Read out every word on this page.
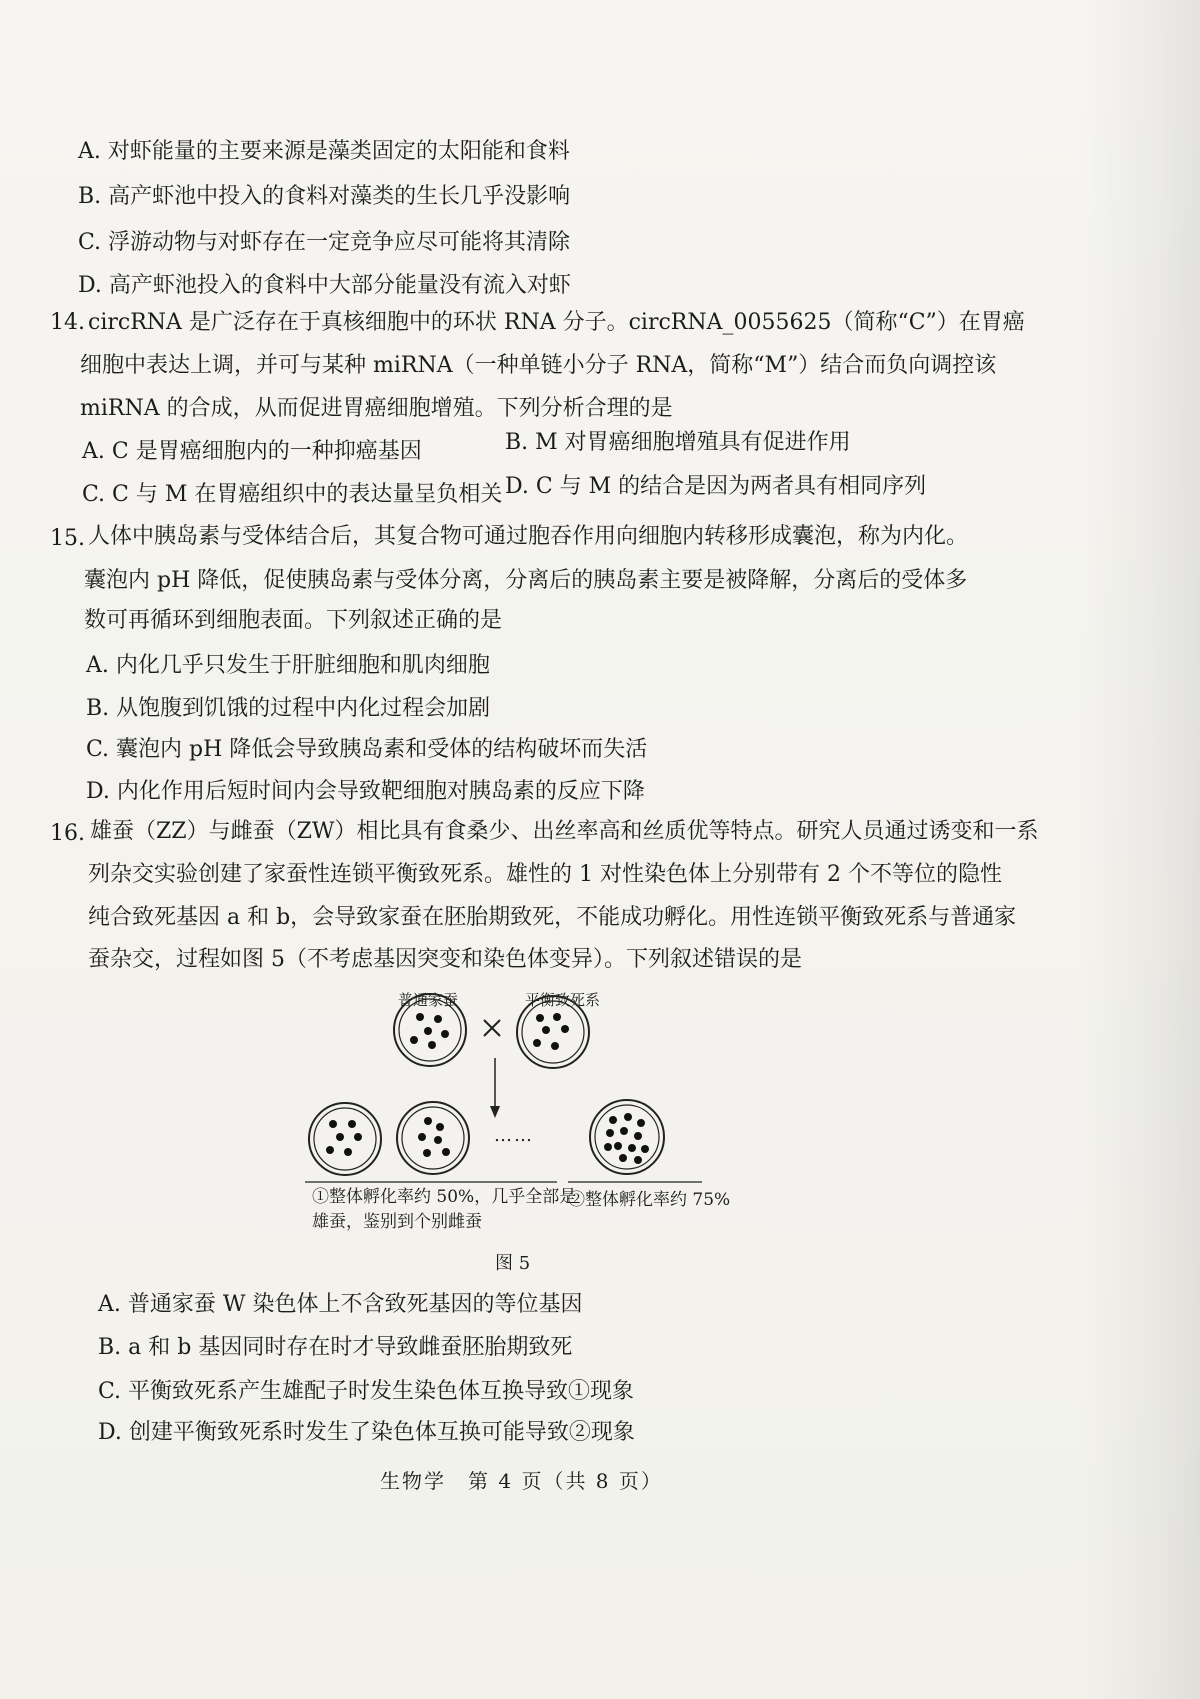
A. 对虾能量的主要来源是藻类固定的太阳能和食料
B. 高产虾池中投入的食料对藻类的生长几乎没影响
C. 浮游动物与对虾存在一定竞争应尽可能将其清除
D. 高产虾池投入的食料中大部分能量没有流入对虾
14. circRNA 是广泛存在于真核细胞中的环状 RNA 分子。circRNA_0055625（简称“C”）在胃癌
细胞中表达上调，并可与某种 miRNA（一种单链小分子 RNA，简称“M”）结合而负向调控该
miRNA 的合成，从而促进胃癌细胞增殖。下列分析合理的是
A. C 是胃癌细胞内的一种抑癌基因	B. M 对胃癌细胞增殖具有促进作用
C. C 与 M 在胃癌组织中的表达量呈负相关 D. C 与 M 的结合是因为两者具有相同序列
15. 人体中胰岛素与受体结合后，其复合物可通过胞吞作用向细胞内转移形成囊泡，称为内化。
囊泡内 pH 降低，促使胰岛素与受体分离，分离后的胰岛素主要是被降解，分离后的受体多
数可再循环到细胞表面。下列叙述正确的是
A. 内化几乎只发生于肝脏细胞和肌肉细胞
B. 从饱腹到饥饿的过程中内化过程会加剧
C. 囊泡内 pH 降低会导致胰岛素和受体的结构破坏而失活
D. 内化作用后短时间内会导致靶细胞对胰岛素的反应下降
16. 雄蚕（ZZ）与雌蚕（ZW）相比具有食桑少、出丝率高和丝质优等特点。研究人员通过诱变和一系
列杂交实验创建了家蚕性连锁平衡致死系。雄性的 1 对性染色体上分别带有 2 个不等位的隐性
纯合致死基因 a 和 b，会导致家蚕在胚胎期致死，不能成功孵化。用性连锁平衡致死系与普通家
蚕杂交，过程如图 5（不考虑基因突变和染色体变异）。下列叙述错误的是
普通家蚕	平衡致死系
……
①整体孵化率约 50%，几乎全部是
雄蚕，鉴别到个别雌蚕
②整体孵化率约 75%
图 5
A. 普通家蚕 W 染色体上不含致死基因的等位基因
B. a 和 b 基因同时存在时才导致雌蚕胚胎期致死
C. 平衡致死系产生雄配子时发生染色体互换导致①现象
D. 创建平衡致死系时发生了染色体互换可能导致②现象
生物学　第 4 页（共 8 页）
